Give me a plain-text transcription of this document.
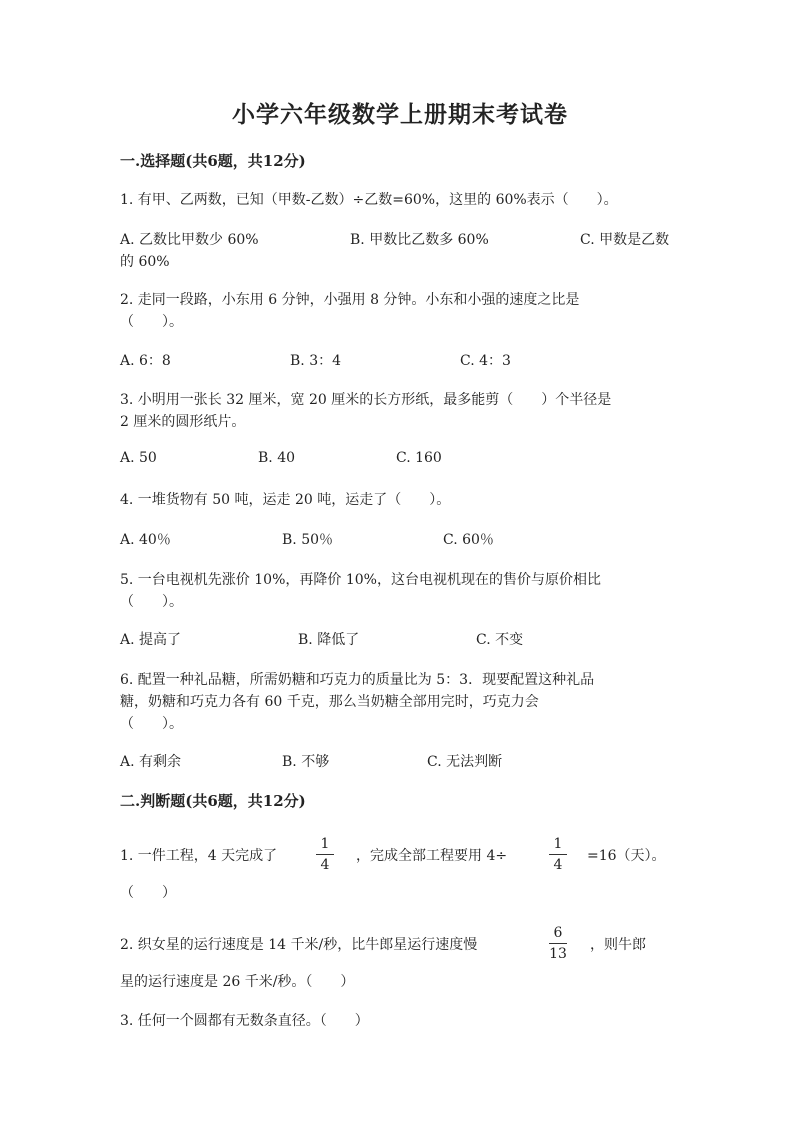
小学六年级数学上册期末考试卷
一.选择题(共6题，共12分)
1. 有甲、乙两数，已知（甲数-乙数）÷乙数=60%，这里的 60%表示（　　）。
A. 乙数比甲数少 60%	B. 甲数比乙数多 60%	C. 甲数是乙数
的 60%
2. 走同一段路，小东用 6 分钟，小强用 8 分钟。小东和小强的速度之比是
（　　）。
A. 6：8	B. 3：4	C. 4：3
3. 小明用一张长 32 厘米，宽 20 厘米的长方形纸，最多能剪（　　）个半径是
2 厘米的圆形纸片。
A. 50	B. 40	C. 160
4. 一堆货物有 50 吨，运走 20 吨，运走了（　　）。
A. 40％	B. 50％	C. 60％
5. 一台电视机先涨价 10%，再降价 10%，这台电视机现在的售价与原价相比
（　　）。
A. 提高了	B. 降低了	C. 不变
6. 配置一种礼品糖，所需奶糖和巧克力的质量比为 5：3．现要配置这种礼品
糖，奶糖和巧克力各有 60 千克，那么当奶糖全部用完时，巧克力会
（　　）。
A. 有剩余	B. 不够	C. 无法判断
二.判断题(共6题，共12分)
1. 一件工程，4 天完成了
1
4
，完成全部工程要用 4÷
1
4
=16（天）。
（　　）
2. 织女星的运行速度是 14 千米/秒，比牛郎星运行速度慢
6
13
，则牛郎
星的运行速度是 26 千米/秒。（　　）
3. 任何一个圆都有无数条直径。（　　）
